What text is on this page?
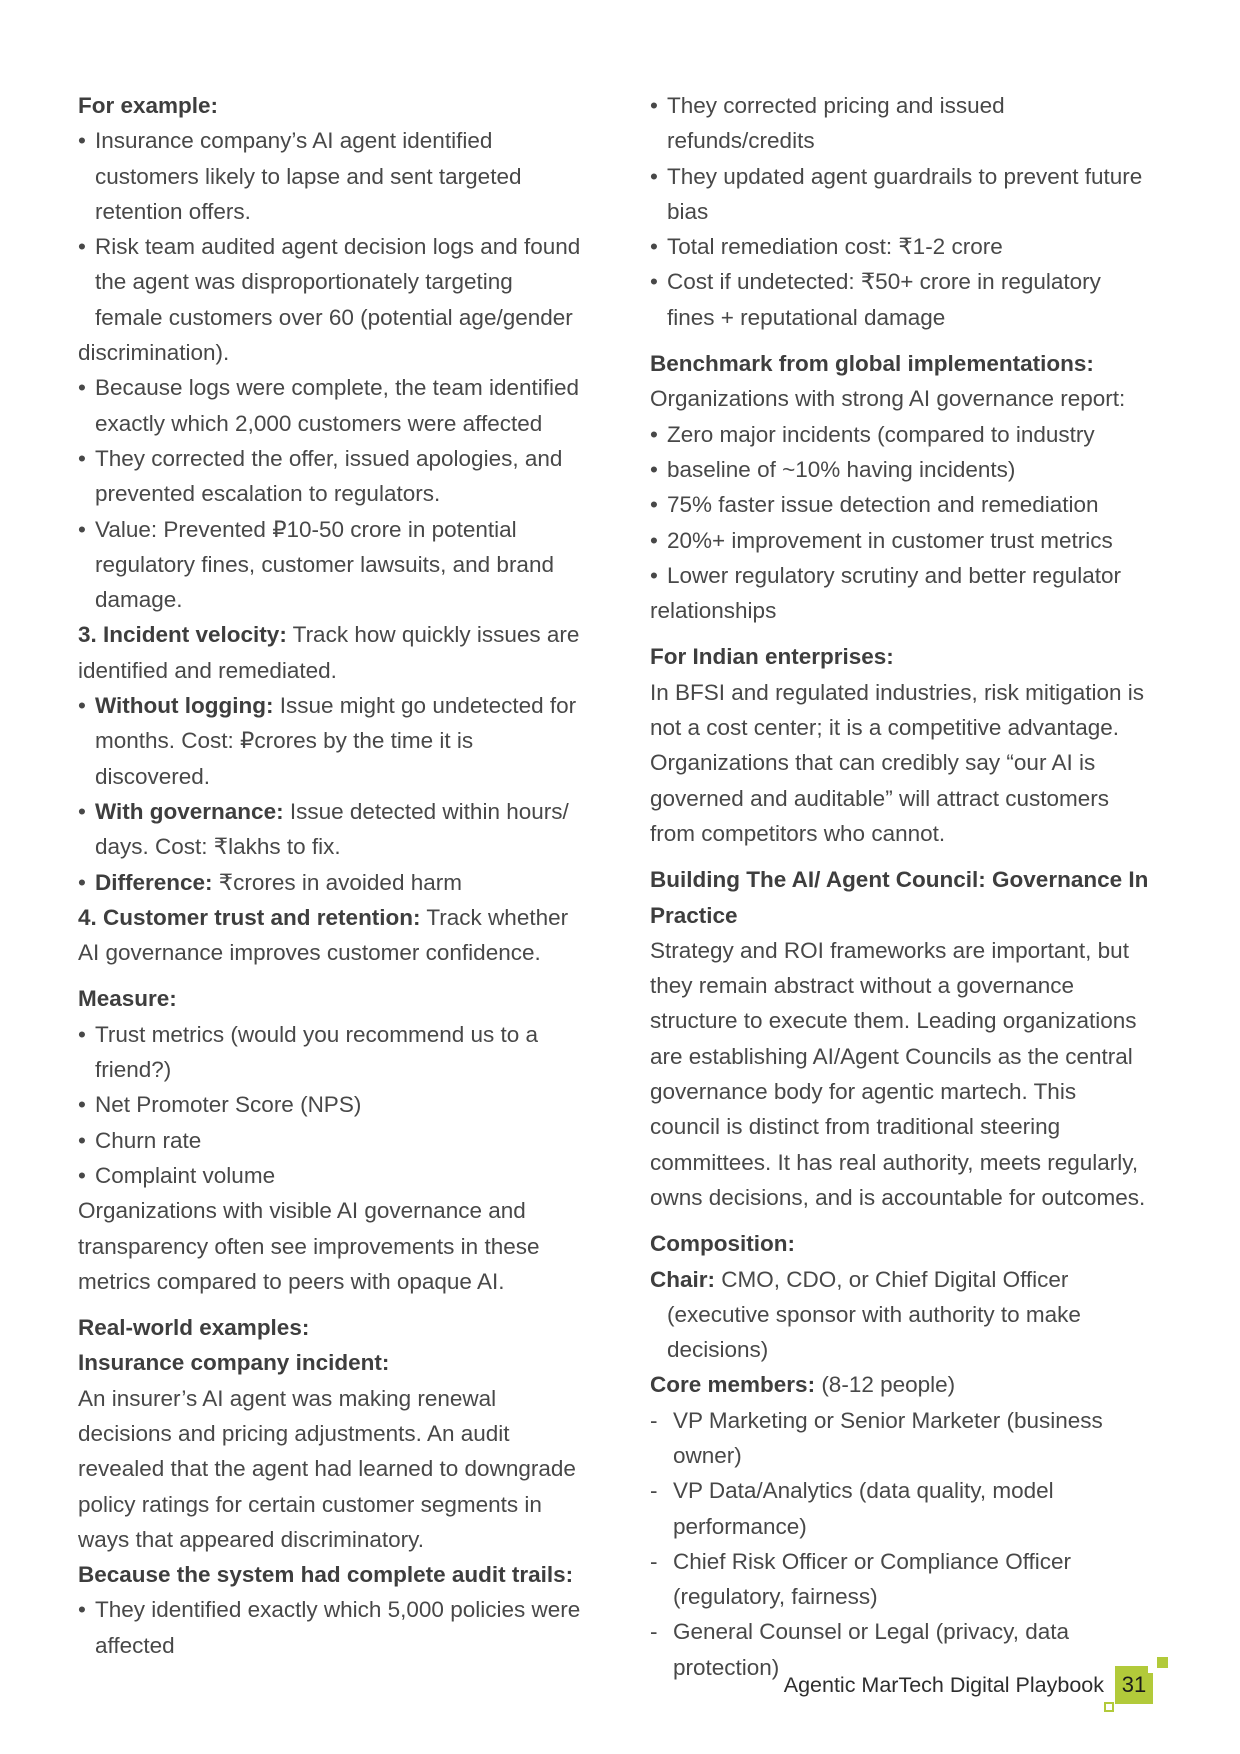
For example:

• Insurance company’s AI agent identified customers likely to lapse and sent targeted retention offers.

• Risk team audited agent decision logs and found the agent was disproportionately targeting female customers over 60 (potential age/gender

discrimination).

• Because logs were complete, the team identified exactly which 2,000 customers were affected

• They corrected the offer, issued apologies, and prevented escalation to regulators.

• Value: Prevented ₽10-50 crore in potential regulatory fines, customer lawsuits, and brand damage.

3. Incident velocity: Track how quickly issues are identified and remediated.

• Without logging: Issue might go undetected for months. Cost: ₽crores by the time it is discovered.

• With governance: Issue detected within hours/ days. Cost: ₹lakhs to fix.

• Difference: ₹crores in avoided harm

4. Customer trust and retention: Track whether AI governance improves customer confidence.

Measure:

• Trust metrics (would you recommend us to a friend?)

• Net Promoter Score (NPS)

• Churn rate

• Complaint volume

Organizations with visible AI governance and transparency often see improvements in these metrics compared to peers with opaque AI.

Real-world examples:

Insurance company incident:

An insurer’s AI agent was making renewal decisions and pricing adjustments. An audit revealed that the agent had learned to downgrade policy ratings for certain customer segments in ways that appeared discriminatory.

Because the system had complete audit trails:

• They identified exactly which 5,000 policies were affected

• They corrected pricing and issued refunds/credits

• They updated agent guardrails to prevent future bias

• Total remediation cost: ₹1-2 crore

• Cost if undetected: ₹50+ crore in regulatory fines + reputational damage

Benchmark from global implementations:

Organizations with strong AI governance report:

• Zero major incidents (compared to industry

• baseline of ~10% having incidents)

• 75% faster issue detection and remediation

• 20%+ improvement in customer trust metrics

• Lower regulatory scrutiny and better regulator

relationships

For Indian enterprises:

In BFSI and regulated industries, risk mitigation is not a cost center; it is a competitive advantage. Organizations that can credibly say “our AI is governed and auditable” will attract customers from competitors who cannot.

Building The AI/ Agent Council: Governance In Practice

Strategy and ROI frameworks are important, but they remain abstract without a governance structure to execute them. Leading organizations are establishing AI/Agent Councils as the central governance body for agentic martech. This council is distinct from traditional steering committees. It has real authority, meets regularly, owns decisions, and is accountable for outcomes.

Composition:

Chair: CMO, CDO, or Chief Digital Officer (executive sponsor with authority to make decisions)

Core members: (8-12 people)

- VP Marketing or Senior Marketer (business owner)

- VP Data/Analytics (data quality, model performance)

- Chief Risk Officer or Compliance Officer (regulatory, fairness)

- General Counsel or Legal (privacy, data protection)

Agentic MarTech Digital Playbook 31
